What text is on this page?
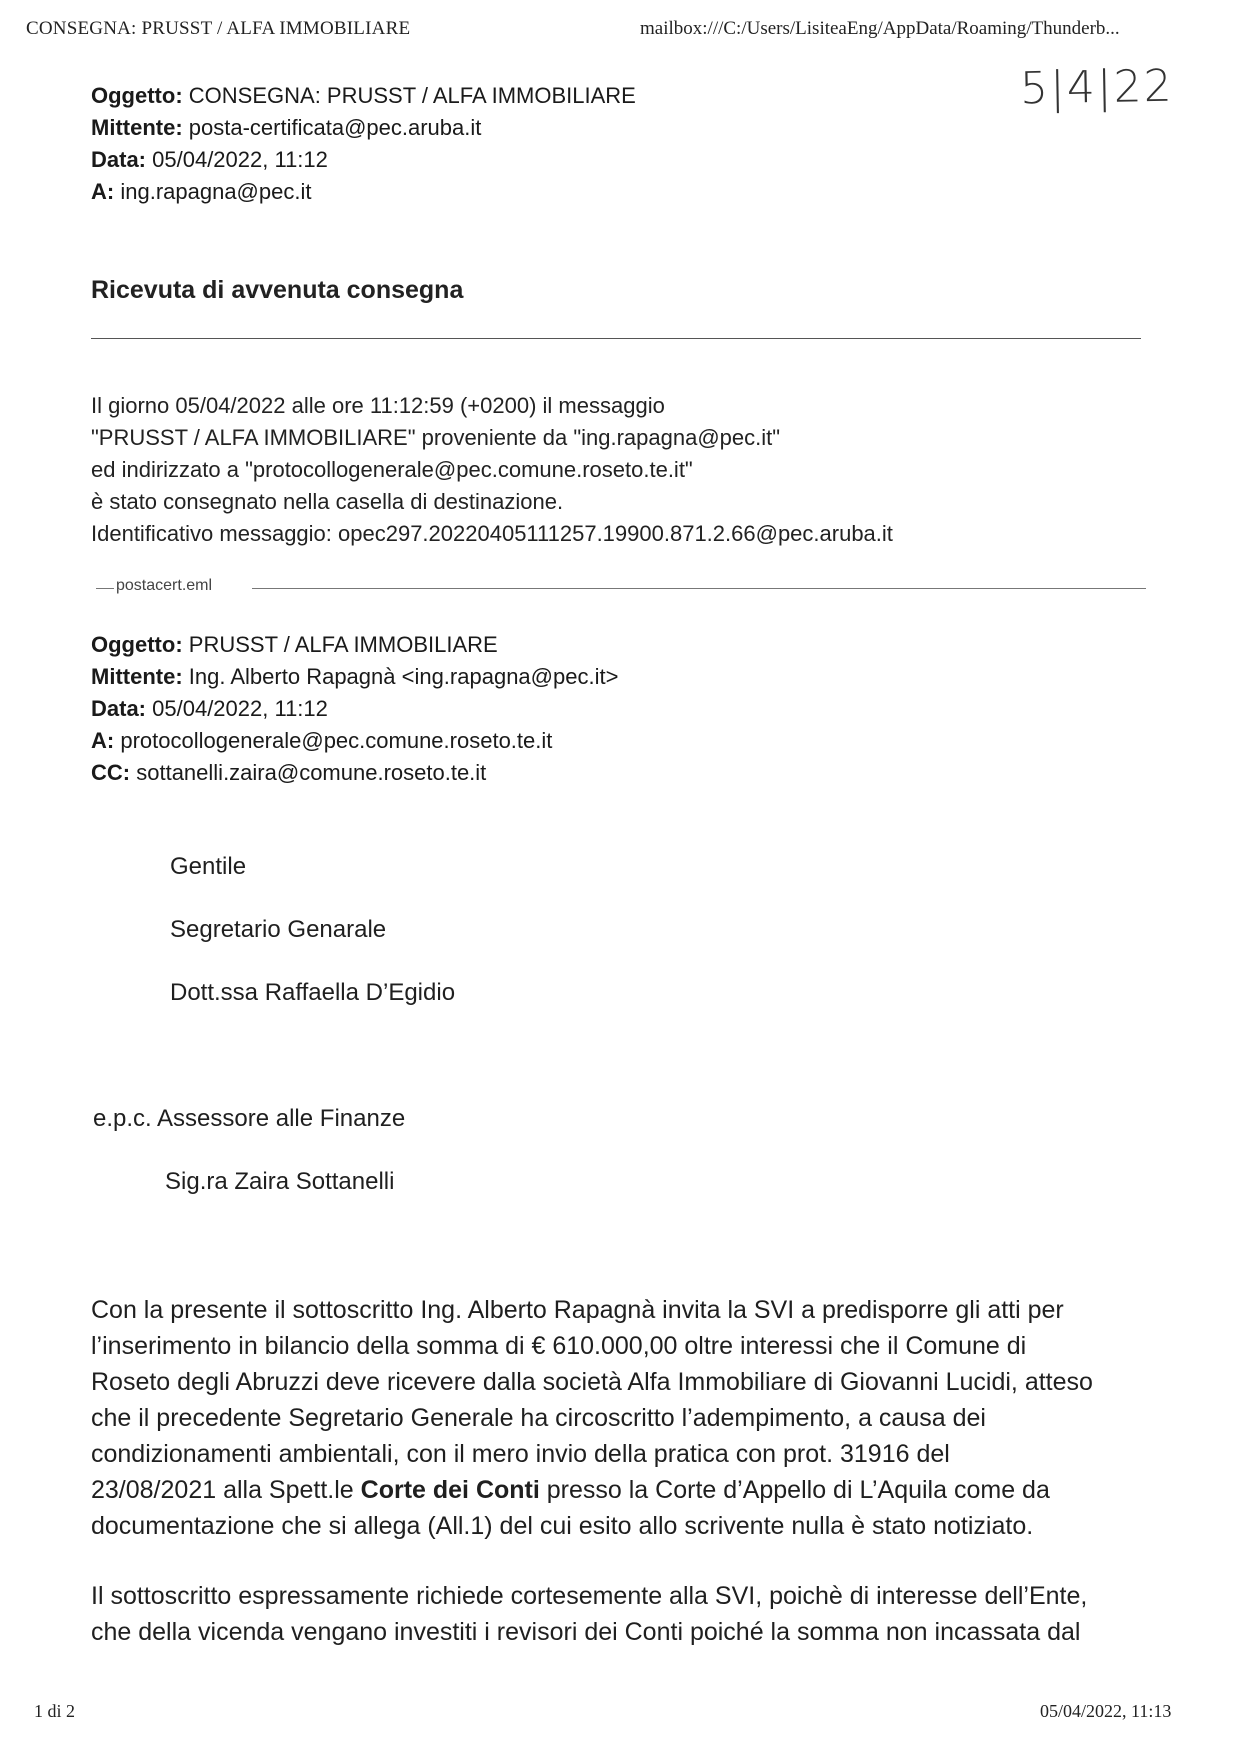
CONSEGNA: PRUSST / ALFA IMMOBILIARE	mailbox:///C:/Users/LisiteaEng/AppData/Roaming/Thunderb...
5|4|22
Oggetto: CONSEGNA: PRUSST / ALFA IMMOBILIARE
Mittente: posta-certificata@pec.aruba.it
Data: 05/04/2022, 11:12
A: ing.rapagna@pec.it
Ricevuta di avvenuta consegna
Il giorno 05/04/2022 alle ore 11:12:59 (+0200) il messaggio
"PRUSST / ALFA IMMOBILIARE" proveniente da "ing.rapagna@pec.it"
ed indirizzato a "protocollogenerale@pec.comune.roseto.te.it"
è stato consegnato nella casella di destinazione.
Identificativo messaggio: opec297.20220405111257.19900.871.2.66@pec.aruba.it
postacert.eml
Oggetto: PRUSST / ALFA IMMOBILIARE
Mittente: Ing. Alberto Rapagnà <ing.rapagna@pec.it>
Data: 05/04/2022, 11:12
A: protocollogenerale@pec.comune.roseto.te.it
CC: sottanelli.zaira@comune.roseto.te.it
Gentile
Segretario Genarale
Dott.ssa Raffaella D’Egidio
e.p.c. Assessore alle Finanze
Sig.ra Zaira Sottanelli
Con la presente il sottoscritto Ing. Alberto Rapagnà invita la SVI a predisporre gli atti per
l’inserimento in bilancio della somma di € 610.000,00 oltre interessi che il Comune di
Roseto degli Abruzzi deve ricevere dalla società Alfa Immobiliare di Giovanni Lucidi, atteso
che il precedente Segretario Generale ha circoscritto l’adempimento, a causa dei
condizionamenti ambientali, con il mero invio della pratica con prot. 31916 del
23/08/2021 alla Spett.le Corte dei Conti presso la Corte d’Appello di L’Aquila come da
documentazione che si allega (All.1) del cui esito allo scrivente nulla è stato notiziato.
Il sottoscritto espressamente richiede cortesemente alla SVI, poichè di interesse dell’Ente,
che della vicenda vengano investiti i revisori dei Conti poiché la somma non incassata dal
1 di 2	05/04/2022, 11:13
